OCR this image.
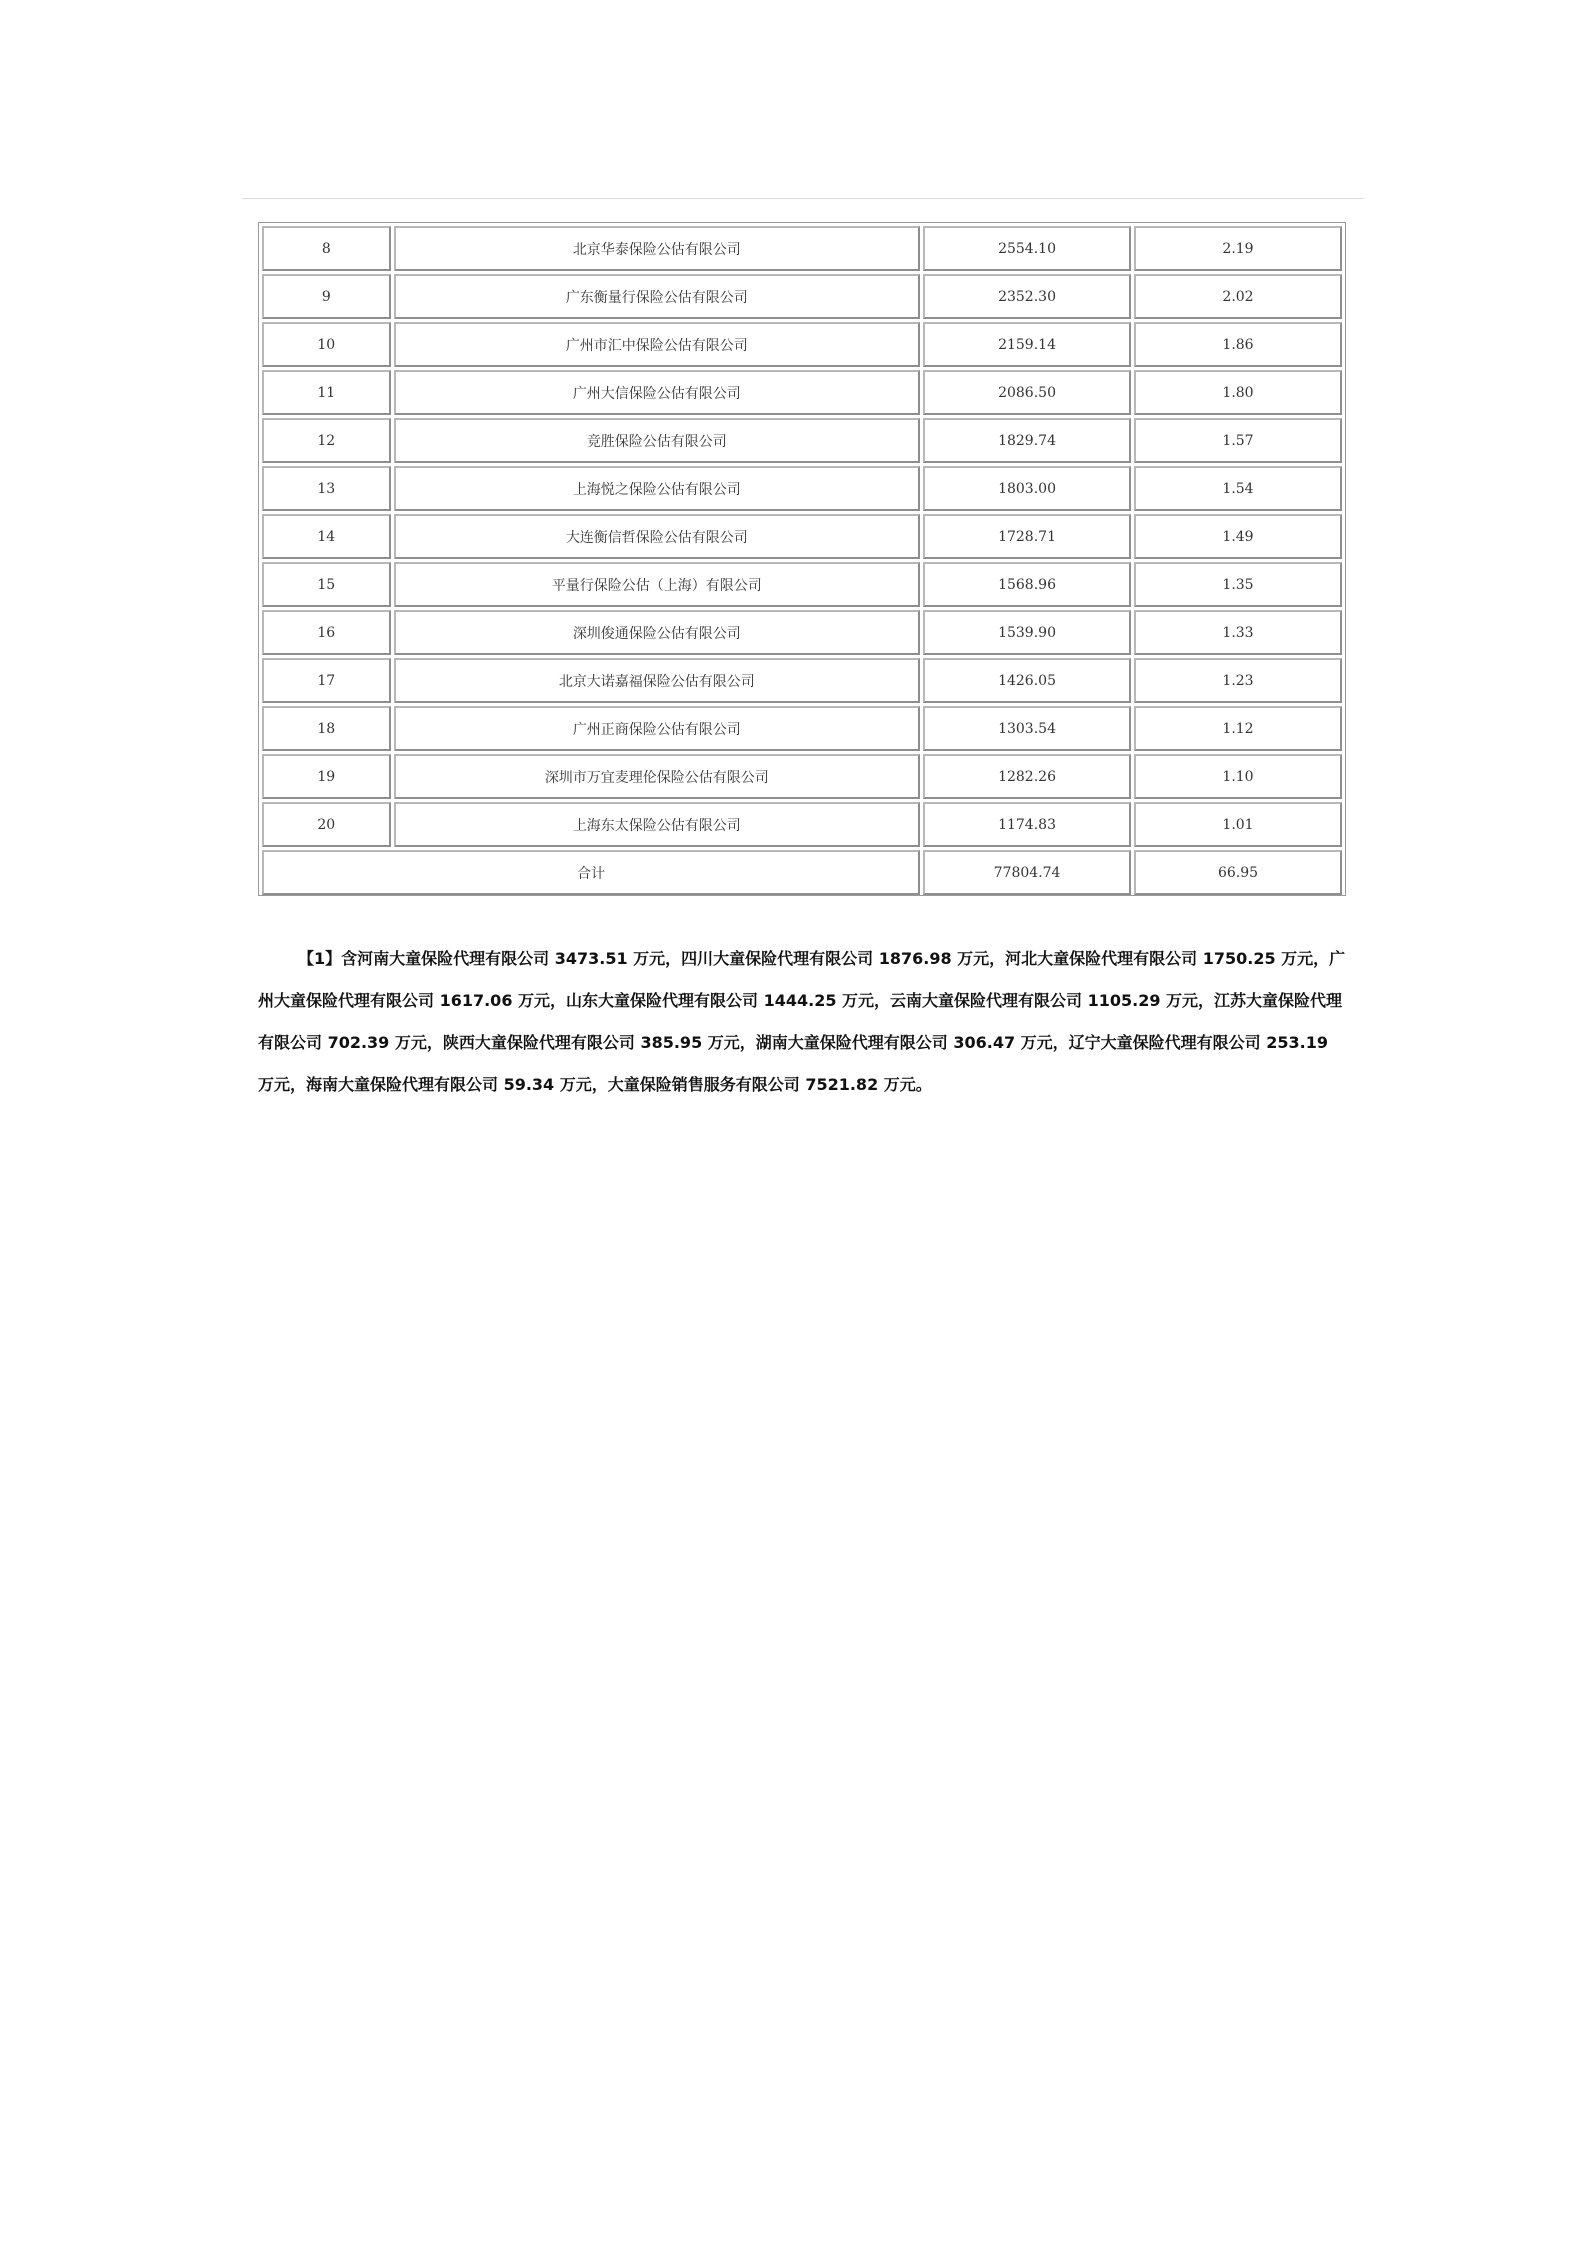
8	北京华泰保险公估有限公司	2554.10	2.19
9	广东衡量行保险公估有限公司	2352.30	2.02
10	广州市汇中保险公估有限公司	2159.14	1.86
11	广州大信保险公估有限公司	2086.50	1.80
12	竞胜保险公估有限公司	1829.74	1.57
13	上海悦之保险公估有限公司	1803.00	1.54
14	大连衡信哲保险公估有限公司	1728.71	1.49
15	平量行保险公估（上海）有限公司	1568.96	1.35
16	深圳俊通保险公估有限公司	1539.90	1.33
17	北京大诺嘉福保险公估有限公司	1426.05	1.23
18	广州正商保险公估有限公司	1303.54	1.12
19	深圳市万宜麦理伦保险公估有限公司	1282.26	1.10
20	上海东太保险公估有限公司	1174.83	1.01
合计		77804.74	66.95

【1】含河南大童保险代理有限公司 3473.51 万元，四川大童保险代理有限公司 1876.98 万元，河北大童保险代理有限公司 1750.25 万元，广州大童保险代理有限公司 1617.06 万元，山东大童保险代理有限公司 1444.25 万元，云南大童保险代理有限公司 1105.29 万元，江苏大童保险代理有限公司 702.39 万元，陕西大童保险代理有限公司 385.95 万元，湖南大童保险代理有限公司 306.47 万元，辽宁大童保险代理有限公司 253.19 万元，海南大童保险代理有限公司 59.34 万元，大童保险销售服务有限公司 7521.82 万元。
